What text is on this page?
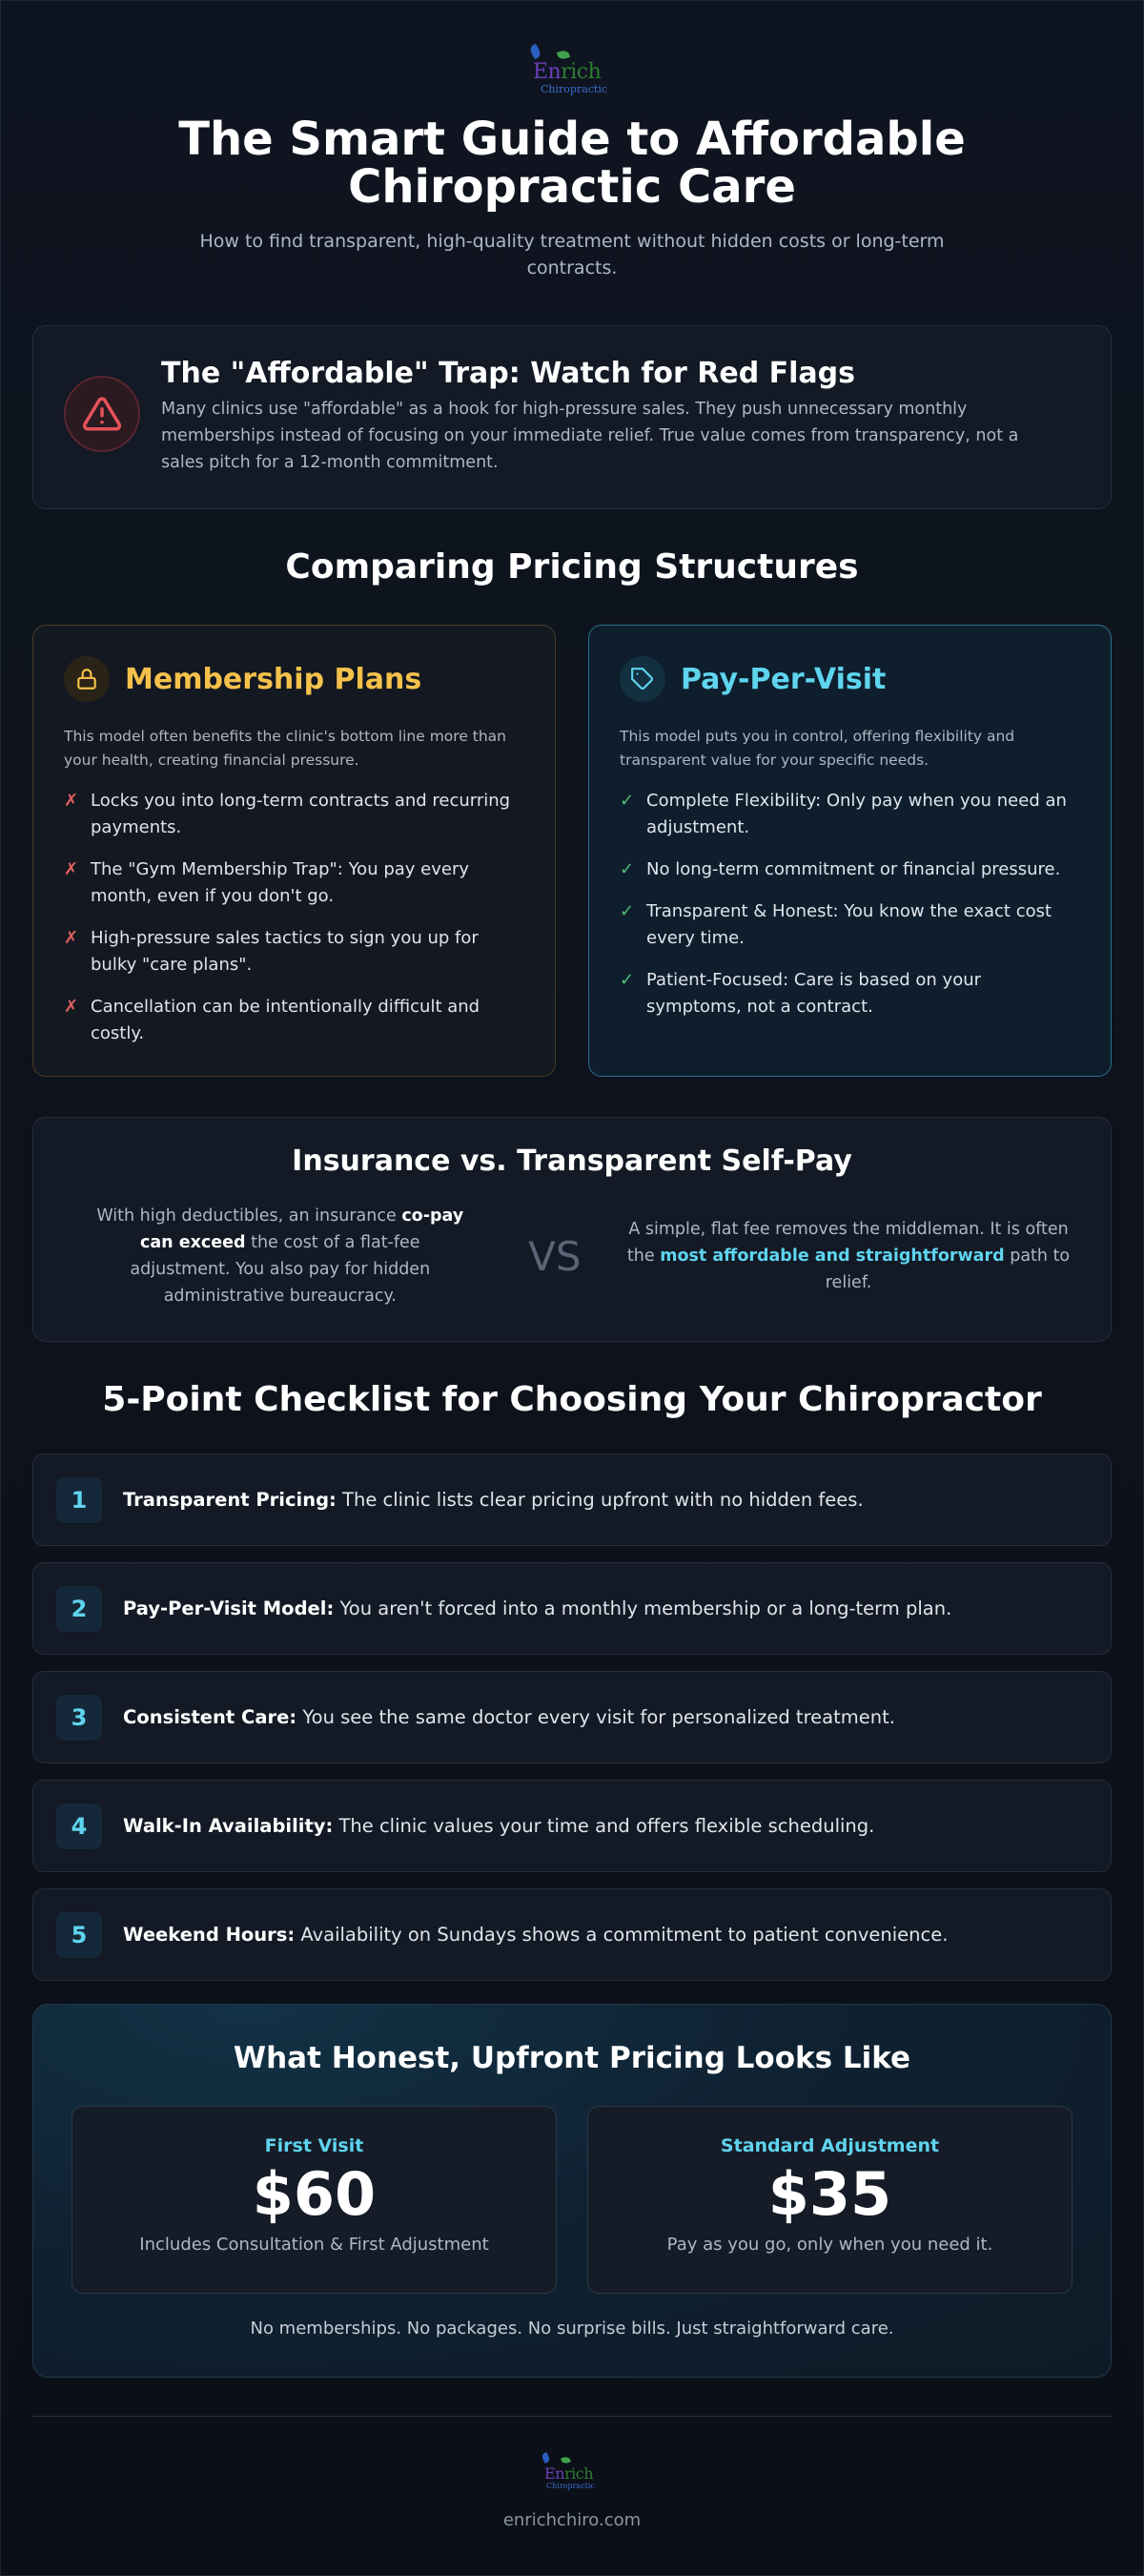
Enrich
Chiropractic
The Smart Guide to Affordable Chiropractic Care

How to find transparent, high-quality treatment without hidden costs or long-term contracts.

The "Affordable" Trap: Watch for Red Flags

Many clinics use "affordable" as a hook for high-pressure sales. They push unnecessary monthly memberships instead of focusing on your immediate relief. True value comes from transparency, not a sales pitch for a 12-month commitment.

Comparing Pricing Structures
Membership Plans

This model often benefits the clinic's bottom line more than your health, creating financial pressure.

✗ Locks you into long-term contracts and recurring payments.
✗ The "Gym Membership Trap": You pay every month, even if you don't go.
✗ High-pressure sales tactics to sign you up for bulky "care plans".
✗ Cancellation can be intentionally difficult and costly.
Pay-Per-Visit

This model puts you in control, offering flexibility and transparent value for your specific needs.

✓ Complete Flexibility: Only pay when you need an adjustment.
✓ No long-term commitment or financial pressure.
✓ Transparent & Honest: You know the exact cost every time.
✓ Patient-Focused: Care is based on your symptoms, not a contract.
Insurance vs. Transparent Self-Pay

With high deductibles, an insurance co-pay can exceed the cost of a flat-fee adjustment. You also pay for hidden administrative bureaucracy.

VS

A simple, flat fee removes the middleman. It is often the most affordable and straightforward path to relief.

5-Point Checklist for Choosing Your Chiropractor
1	Transparent Pricing: The clinic lists clear pricing upfront with no hidden fees.
2	Pay-Per-Visit Model: You aren't forced into a monthly membership or a long-term plan.
3	Consistent Care: You see the same doctor every visit for personalized treatment.
4	Walk-In Availability: The clinic values your time and offers flexible scheduling.
5	Weekend Hours: Availability on Sundays shows a commitment to patient convenience.
What Honest, Upfront Pricing Looks Like
First Visit
$60
Includes Consultation & First Adjustment
Standard Adjustment
$35
Pay as you go, only when you need it.

No memberships. No packages. No surprise bills. Just straightforward care.

Enrich
Chiropractic
enrichchiro.com
